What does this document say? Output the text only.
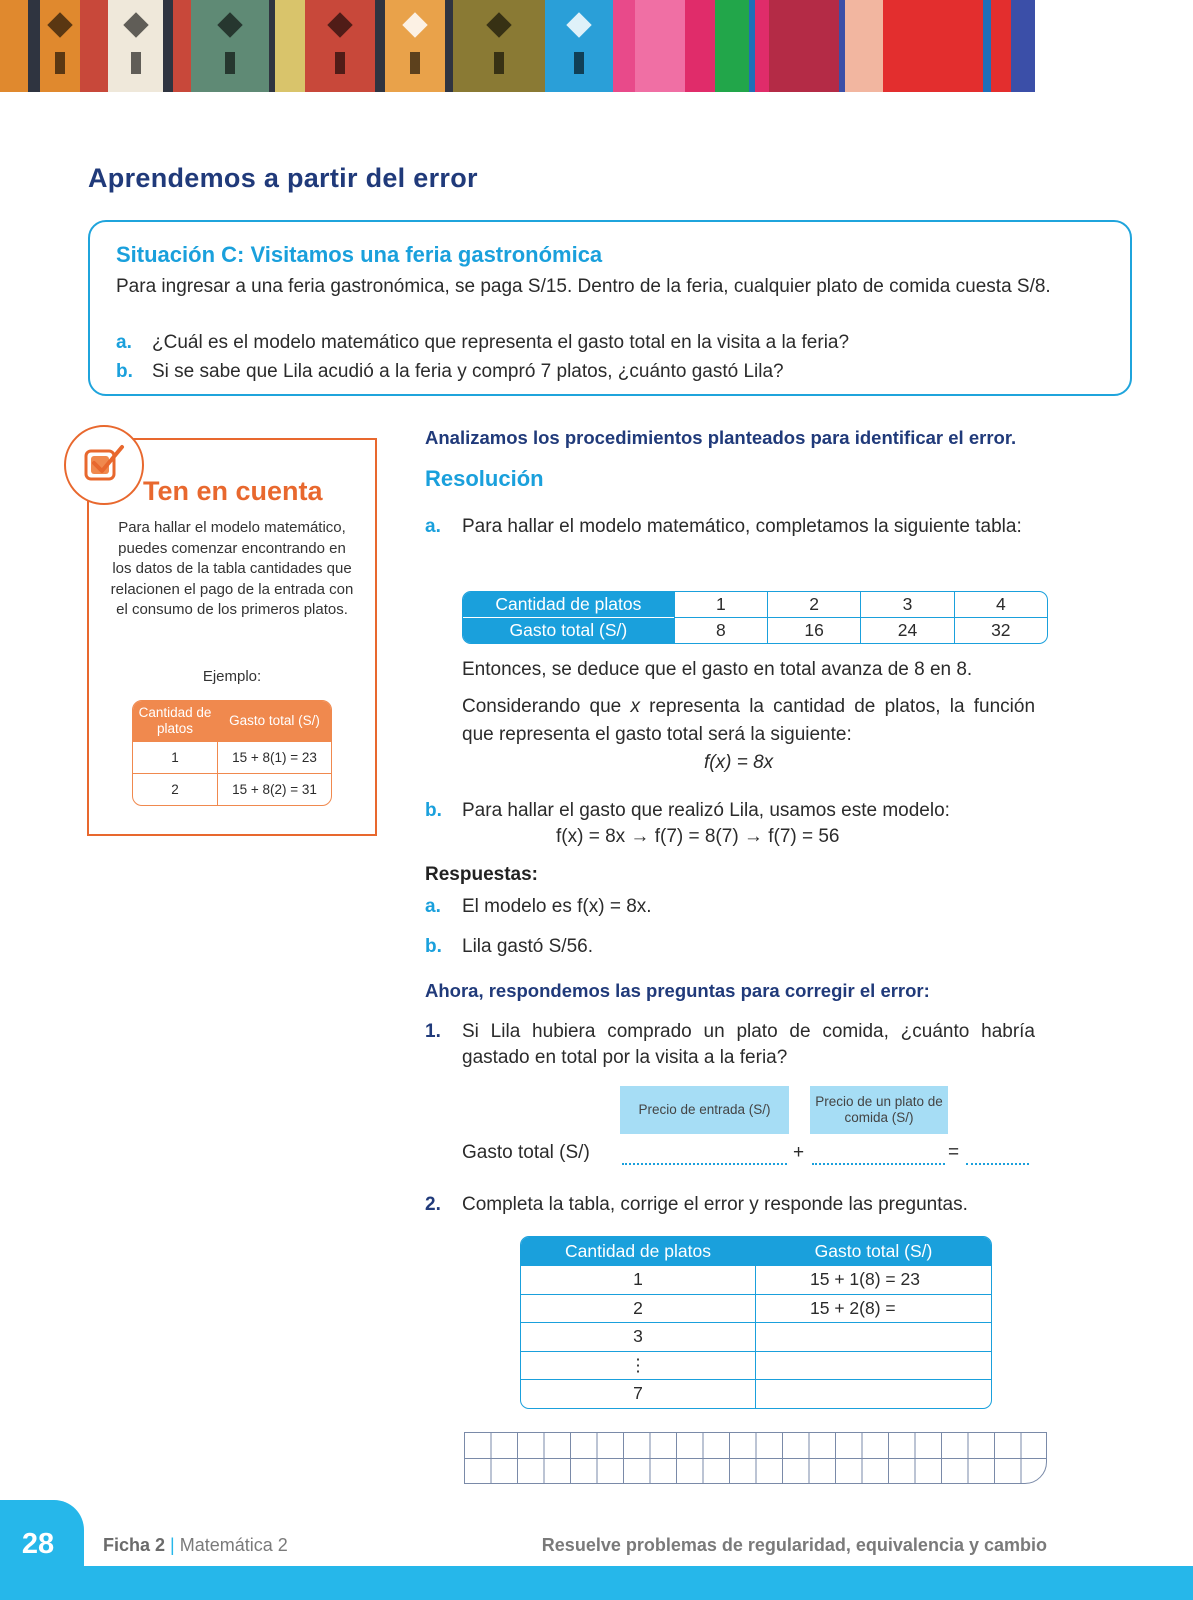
Aprendemos a partir del error
Situación C: Visitamos una feria gastronómica
Para ingresar a una feria gastronómica, se paga S/15. Dentro de la feria, cualquier plato de comida cuesta S/8.
a. ¿Cuál es el modelo matemático que representa el gasto total en la visita a la feria?
b. Si se sabe que Lila acudió a la feria y compró 7 platos, ¿cuánto gastó Lila?
Ten en cuenta
Para hallar el modelo matemático, puedes comenzar encontrando en los datos de la tabla cantidades que relacionen el pago de la entrada con el consumo de los primeros platos.
Ejemplo:
Cantidad de platos	Gasto total (S/)
1	15 + 8(1) = 23
2	15 + 8(2) = 31
Analizamos los procedimientos planteados para identificar el error.
Resolución
a. Para hallar el modelo matemático, completamos la siguiente tabla:
Cantidad de platos	1	2	3	4
Gasto total (S/)	8	16	24	32
Entonces, se deduce que el gasto en total avanza de 8 en 8.
Considerando que x representa la cantidad de platos, la función que representa el gasto total será la siguiente:
f(x) = 8x
b. Para hallar el gasto que realizó Lila, usamos este modelo:
f(x) = 8x → f(7) = 8(7) → f(7) = 56
Respuestas:
a. El modelo es f(x) = 8x.
b. Lila gastó S/56.
Ahora, respondemos las preguntas para corregir el error:
1. Si Lila hubiera comprado un plato de comida, ¿cuánto habría gastado en total por la visita a la feria?
Precio de entrada (S/)
Precio de un plato de comida (S/)
Gasto total (S/)	+	=
2. Completa la tabla, corrige el error y responde las preguntas.
Cantidad de platos	Gasto total (S/)
1	15 + 1(8) = 23
2	15 + 2(8) =
3	
⋮	
7	
28	Ficha 2 | Matemática 2	Resuelve problemas de regularidad, equivalencia y cambio
